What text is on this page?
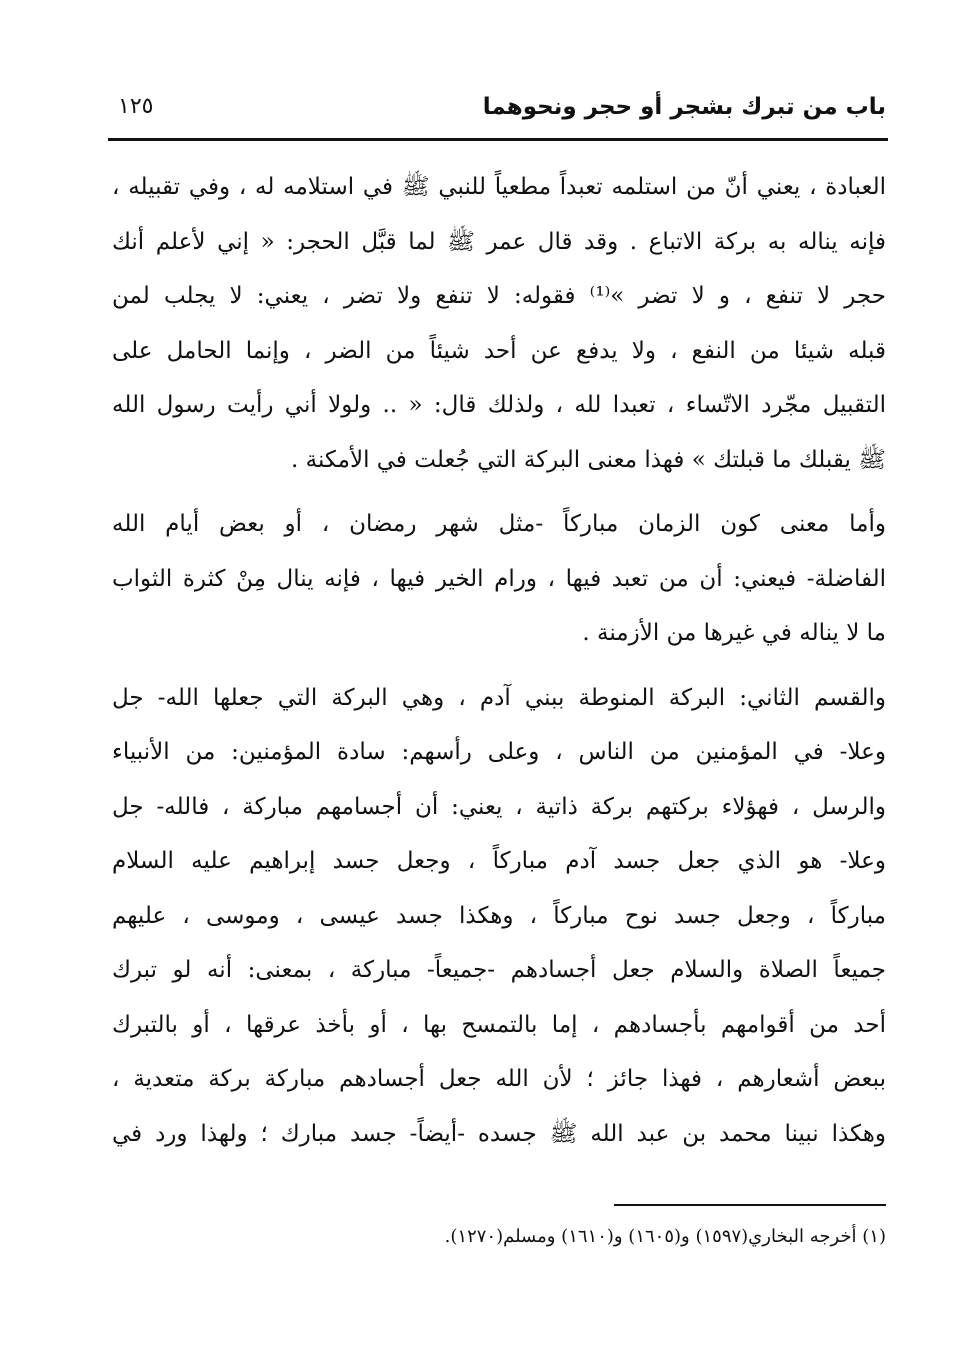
باب من تبرك بشجر أو حجر ونحوهما
١٢٥
العبادة ، يعني أنّ من استلمه تعبداً مطعياً للنبي ﷺ في استلامه له ، وفي تقبيله ،
فإنه يناله به بركة الاتباع . وقد قال عمر ﷺ لما قبَّل الحجر: « إني لأعلم أنك
حجر لا تنفع ، و لا تضر »⁽¹⁾ فقوله: لا تنفع ولا تضر ، يعني: لا يجلب لمن
قبله شيئا من النفع ، ولا يدفع عن أحد شيئاً من الضر ، وإنما الحامل على
التقبيل مجّرد الاتّساء ، تعبدا لله ، ولذلك قال: « .. ولولا أني رأيت رسول الله
ﷺ يقبلك ما قبلتك » فهذا معنى البركة التي جُعلت في الأمكنة .
وأما معنى كون الزمان مباركاً -مثل شهر رمضان ، أو بعض أيام الله
الفاضلة- فيعني: أن من تعبد فيها ، ورام الخير فيها ، فإنه ينال مِنْ كثرة الثواب
ما لا يناله في غيرها من الأزمنة .
والقسم الثاني: البركة المنوطة ببني آدم ، وهي البركة التي جعلها الله- جل
وعلا- في المؤمنين من الناس ، وعلى رأسهم: سادة المؤمنين: من الأنبياء
والرسل ، فهؤلاء بركتهم بركة ذاتية ، يعني: أن أجسامهم مباركة ، فالله- جل
وعلا- هو الذي جعل جسد آدم مباركاً ، وجعل جسد إبراهيم عليه السلام
مباركاً ، وجعل جسد نوح مباركاً ، وهكذا جسد عيسى ، وموسى ، عليهم
جميعاً الصلاة والسلام جعل أجسادهم -جميعاً- مباركة ، بمعنى: أنه لو تبرك
أحد من أقوامهم بأجسادهم ، إما بالتمسح بها ، أو بأخذ عرقها ، أو بالتبرك
ببعض أشعارهم ، فهذا جائز ؛ لأن الله جعل أجسادهم مباركة بركة متعدية ،
وهكذا نبينا محمد بن عبد الله ﷺ جسده -أيضاً- جسد مبارك ؛ ولهذا ورد في
(١) أخرجه البخاري(١٥٩٧) و(١٦٠٥) و(١٦١٠) ومسلم(١٢٧٠).
